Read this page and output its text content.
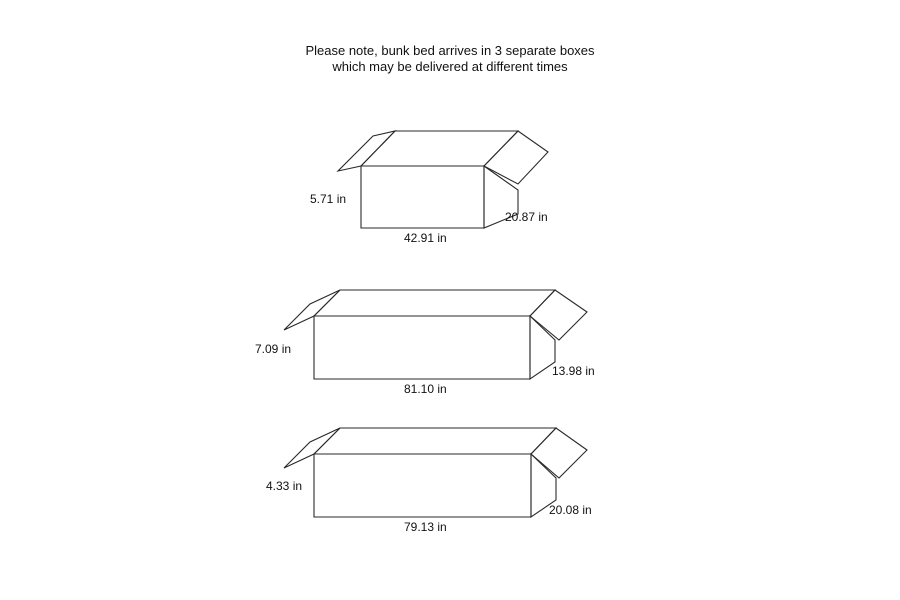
Please note, bunk bed arrives in 3 separate boxes
which may be delivered at different times
5.71 in
20.87 in
42.91 in
7.09 in
13.98 in
81.10 in
4.33 in
20.08 in
79.13 in
